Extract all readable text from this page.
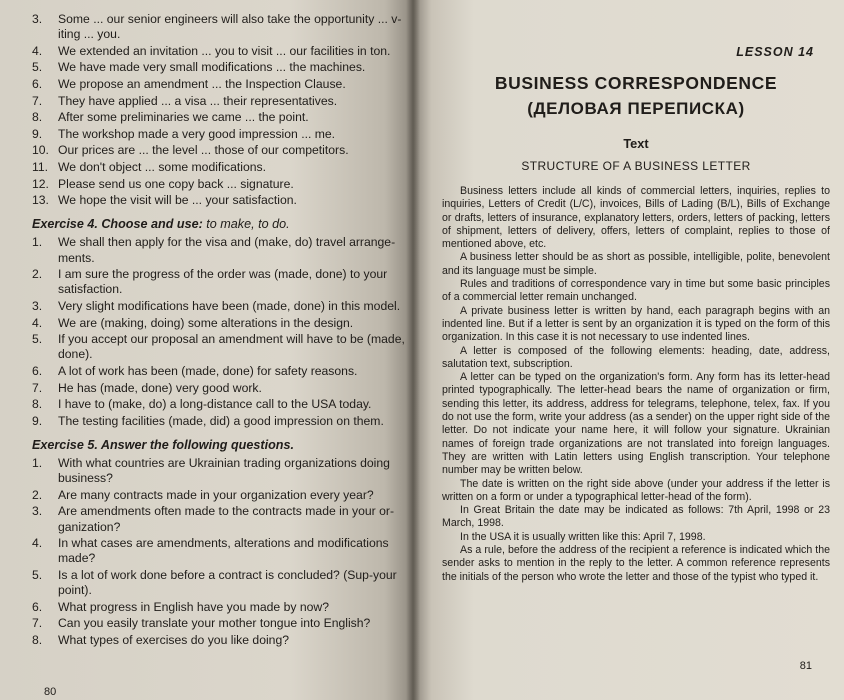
3.	Some ... our senior engineers will also take the opportunity ... v-iting ... you.
4.	We extended an invitation ... you to visit ... our facilities in ton.
5.	We have made very small modifications ... the machines.
6.	We propose an amendment ... the Inspection Clause.
7.	They have applied ... a visa ... their representatives.
8.	After some preliminaries we came ... the point.
9.	The workshop made a very good impression ... me.
10. Our prices are ... the level ... those of our competitors.
11. We don't object ... some modifications.
12. Please send us one copy back ... signature.
13. We hope the visit will be ... your satisfaction.
Exercise 4. Choose and use: to make, to do.
1.	We shall then apply for the visa and (make, do) travel arrange-ments.
2.	I am sure the progress of the order was (made, done) to your satisfaction.
3.	Very slight modifications have been (made, done) in this model.
4.	We are (making, doing) some alterations in the design.
5.	If you accept our proposal an amendment will have to be (made, done).
6.	A lot of work has been (made, done) for safety reasons.
7.	He has (made, done) very good work.
8.	I have to (make, do) a long-distance call to the USA today.
9.	The testing facilities (made, did) a good impression on them.
Exercise 5. Answer the following questions.
1.	With what countries are Ukrainian trading organizations doing business?
2.	Are many contracts made in your organization every year?
3.	Are amendments often made to the contracts made in your or-ganization?
4.	In what cases are amendments, alterations and modifications made?
5.	Is a lot of work done before a contract is concluded? (Sup-your point).
6.	What progress in English have you made by now?
7.	Can you easily translate your mother tongue into English?
8.	What types of exercises do you like doing?
80
LESSON 14
BUSINESS CORRESPONDENCE
(ДЕЛОВАЯ ПЕРЕПИСКА)
Text
STRUCTURE OF A BUSINESS LETTER

Business letters include all kinds of commercial letters, inquiries, replies to inquiries, Letters of Credit (L/C), invoices, Bills of Lading (B/L), Bills of Exchange or drafts, letters of insurance, explanatory letters, orders, letters of packing, letters of shipment, letters of delivery, offers, letters of complaint, replies to those of mentioned above, etc.

A business letter should be as short as possible, intelligible, polite, benevolent and its language must be simple.

Rules and traditions of correspondence vary in time but some basic principles of a commercial letter remain unchanged.

A private business letter is written by hand, each paragraph begins with an indented line. But if a letter is sent by an organization it is typed on the form of this organization. In this case it is not necessary to use indented lines.

A letter is composed of the following elements: heading, date, address, salutation text, subscription.

A letter can be typed on the organization's form. Any form has its letter-head printed typographically. The letter-head bears the name of organization or firm, sending this letter, its address, address for telegrams, telephone, telex, fax. If you do not use the form, write your address (as a sender) on the upper right side of the letter. Do not indicate your name here, it will follow your signature. Ukrainian names of foreign trade organizations are not translated into foreign languages. They are written with Latin letters using English transcription. Your telephone number may be written below.

The date is written on the right side above (under your address if the letter is written on a form or under a typographical letter-head of the form).

In Great Britain the date may be indicated as follows: 7th April, 1998 or 23 March, 1998.

In the USA it is usually written like this: April 7, 1998.

As a rule, before the address of the recipient a reference is indicated which the sender asks to mention in the reply to the letter. A common reference represents the initials of the person who wrote the letter and those of the typist who typed it.

81
